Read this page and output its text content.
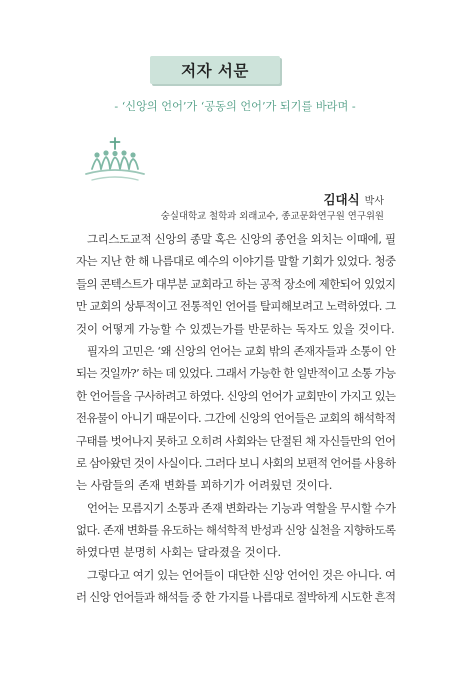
저자 서문
- ‘신앙의 언어’가 ‘공동의 언어’가 되기를 바라며 -
김대식 박사
숭실대학교 철학과 외래교수, 종교문화연구원 연구위원
그리스도교적 신앙의 종말 혹은 신앙의 종언을 외치는 이때에, 필
자는 지난 한 해 나름대로 예수의 이야기를 말할 기회가 있었다. 청중
들의 콘텍스트가 대부분 교회라고 하는 공적 장소에 제한되어 있었지
만 교회의 상투적이고 전통적인 언어를 탈피해보려고 노력하였다. 그
것이 어떻게 가능할 수 있겠는가를 반문하는 독자도 있을 것이다.
필자의 고민은 ‘왜 신앙의 언어는 교회 밖의 존재자들과 소통이 안
되는 것일까?’ 하는 데 있었다. 그래서 가능한 한 일반적이고 소통 가능
한 언어들을 구사하려고 하였다. 신앙의 언어가 교회만이 가지고 있는
전유물이 아니기 때문이다. 그간에 신앙의 언어들은 교회의 해석학적
구태를 벗어나지 못하고 오히려 사회와는 단절된 채 자신들만의 언어
로 삼아왔던 것이 사실이다. 그러다 보니 사회의 보편적 언어를 사용하
는 사람들의 존재 변화를 꾀하기가 어려웠던 것이다.
언어는 모름지기 소통과 존재 변화라는 기능과 역할을 무시할 수가
없다. 존재 변화를 유도하는 해석학적 반성과 신앙 실천을 지향하도록
하였다면 분명히 사회는 달라졌을 것이다.
그렇다고 여기 있는 언어들이 대단한 신앙 언어인 것은 아니다. 여
러 신앙 언어들과 해석들 중 한 가지를 나름대로 절박하게 시도한 흔적
